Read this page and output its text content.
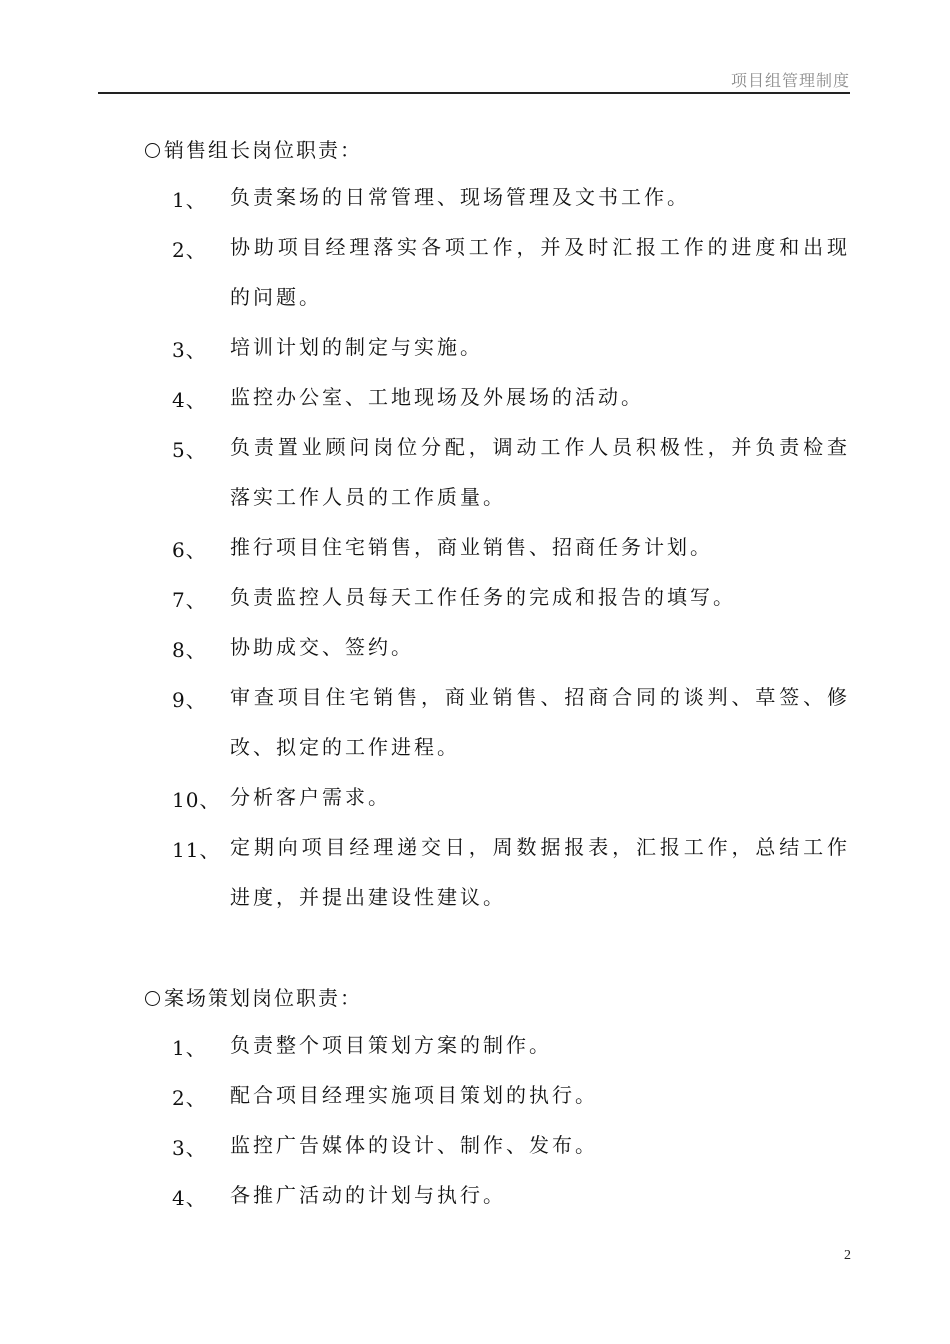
项目组管理制度
销售组长岗位职责：
1、 负责案场的日常管理、现场管理及文书工作。
2、 协助项目经理落实各项工作，并及时汇报工作的进度和出现的问题。
3、 培训计划的制定与实施。
4、 监控办公室、工地现场及外展场的活动。
5、 负责置业顾问岗位分配，调动工作人员积极性，并负责检查落实工作人员的工作质量。
6、 推行项目住宅销售，商业销售、招商任务计划。
7、 负责监控人员每天工作任务的完成和报告的填写。
8、 协助成交、签约。
9、 审查项目住宅销售，商业销售、招商合同的谈判、草签、修改、拟定的工作进程。
10、 分析客户需求。
11、 定期向项目经理递交日，周数据报表，汇报工作，总结工作进度，并提出建设性建议。
案场策划岗位职责：
1、 负责整个项目策划方案的制作。
2、 配合项目经理实施项目策划的执行。
3、 监控广告媒体的设计、制作、发布。
4、 各推广活动的计划与执行。
2
